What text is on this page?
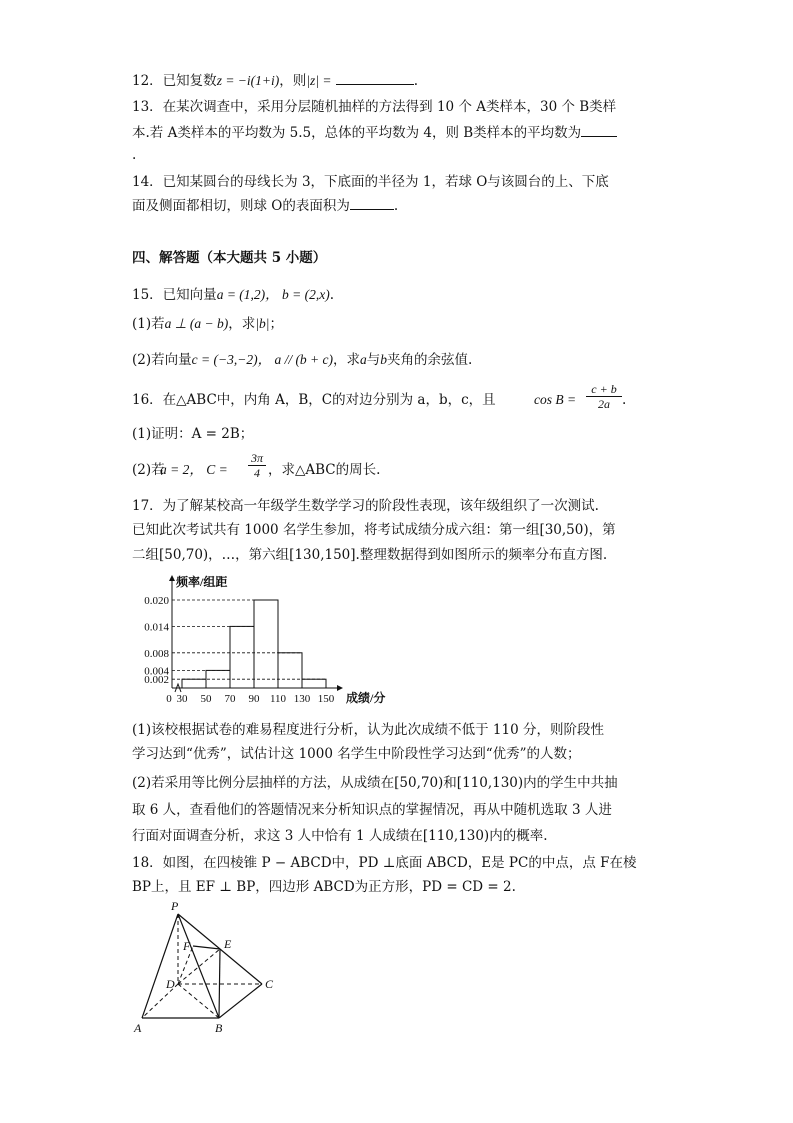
12．已知复数z = −i(1+i)，则|z| =	.
13．在某次调查中，采用分层随机抽样的方法得到 10 个 A类样本，30 个 B类样
本.若 A类样本的平均数为 5.5，总体的平均数为 4，则 B类样本的平均数为
.
14．已知某圆台的母线长为 3，下底面的半径为 1，若球 O与该圆台的上、下底
面及侧面都相切，则球 O的表面积为	.
四、解答题（本大题共 5 小题）
15．已知向量a = (1,2)， b = (2,x).
(1)若a ⊥ (a − b)，求|b|；
(2)若向量c = (−3,−2)， a // (b + c)，求a与b夹角的余弦值.
16．在△ABC中，内角 A，B，C的对边分别为 a，b，c，且	$\cos B = \frac{c + b}{2a}$ .
(1)证明：A = 2B；
(2)若
a = 2， $C = \frac{3\pi}{4}$ ，求△ABC的周长.
17．为了解某校高一年级学生数学学习的阶段性表现，该年级组织了一次测试.
已知此次考试共有 1000 名学生参加，将考试成绩分成六组：第一组[30,50)，第
二组[50,70)，…，第六组[130,150].整理数据得到如图所示的频率分布直方图.
0.020
0.014
0.008
0.004
0.002
0 30 50 70 90 110 130 150
频率/组距
成绩/分
(1)该校根据试卷的难易程度进行分析，认为此次成绩不低于 110 分，则阶段性
学习达到“优秀”，试估计这 1000 名学生中阶段性学习达到“优秀”的人数；
(2)若采用等比例分层抽样的方法，从成绩在[50,70)和[110,130)内的学生中共抽
取 6 人，查看他们的答题情况来分析知识点的掌握情况，再从中随机选取 3 人进
行面对面调查分析，求这 3 人中恰有 1 人成绩在[110,130)内的概率.
18．如图，在四棱锥 P − ABCD中，PD ⊥底面 ABCD，E是 PC的中点，点 F在棱
BP上，且 EF ⊥ BP，四边形 ABCD为正方形，PD = CD = 2.
P
F	E
D	C
A	B
